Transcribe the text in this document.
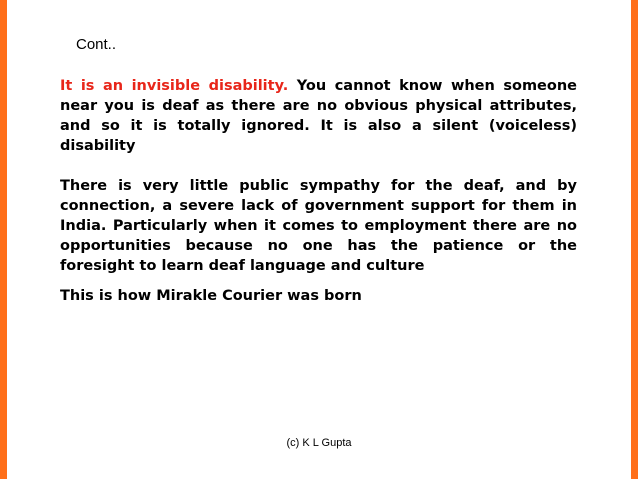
Cont..

It is an invisible disability. You cannot know when someone near you is deaf as there are no obvious physical attributes, and so it is totally ignored. It is also a silent (voiceless) disability

There is very little public sympathy for the deaf, and by connection, a severe lack of government support for them in India. Particularly when it comes to employment there are no opportunities because no one has the patience or the foresight to learn deaf language and culture

This is how Mirakle Courier was born

(c) K L Gupta
